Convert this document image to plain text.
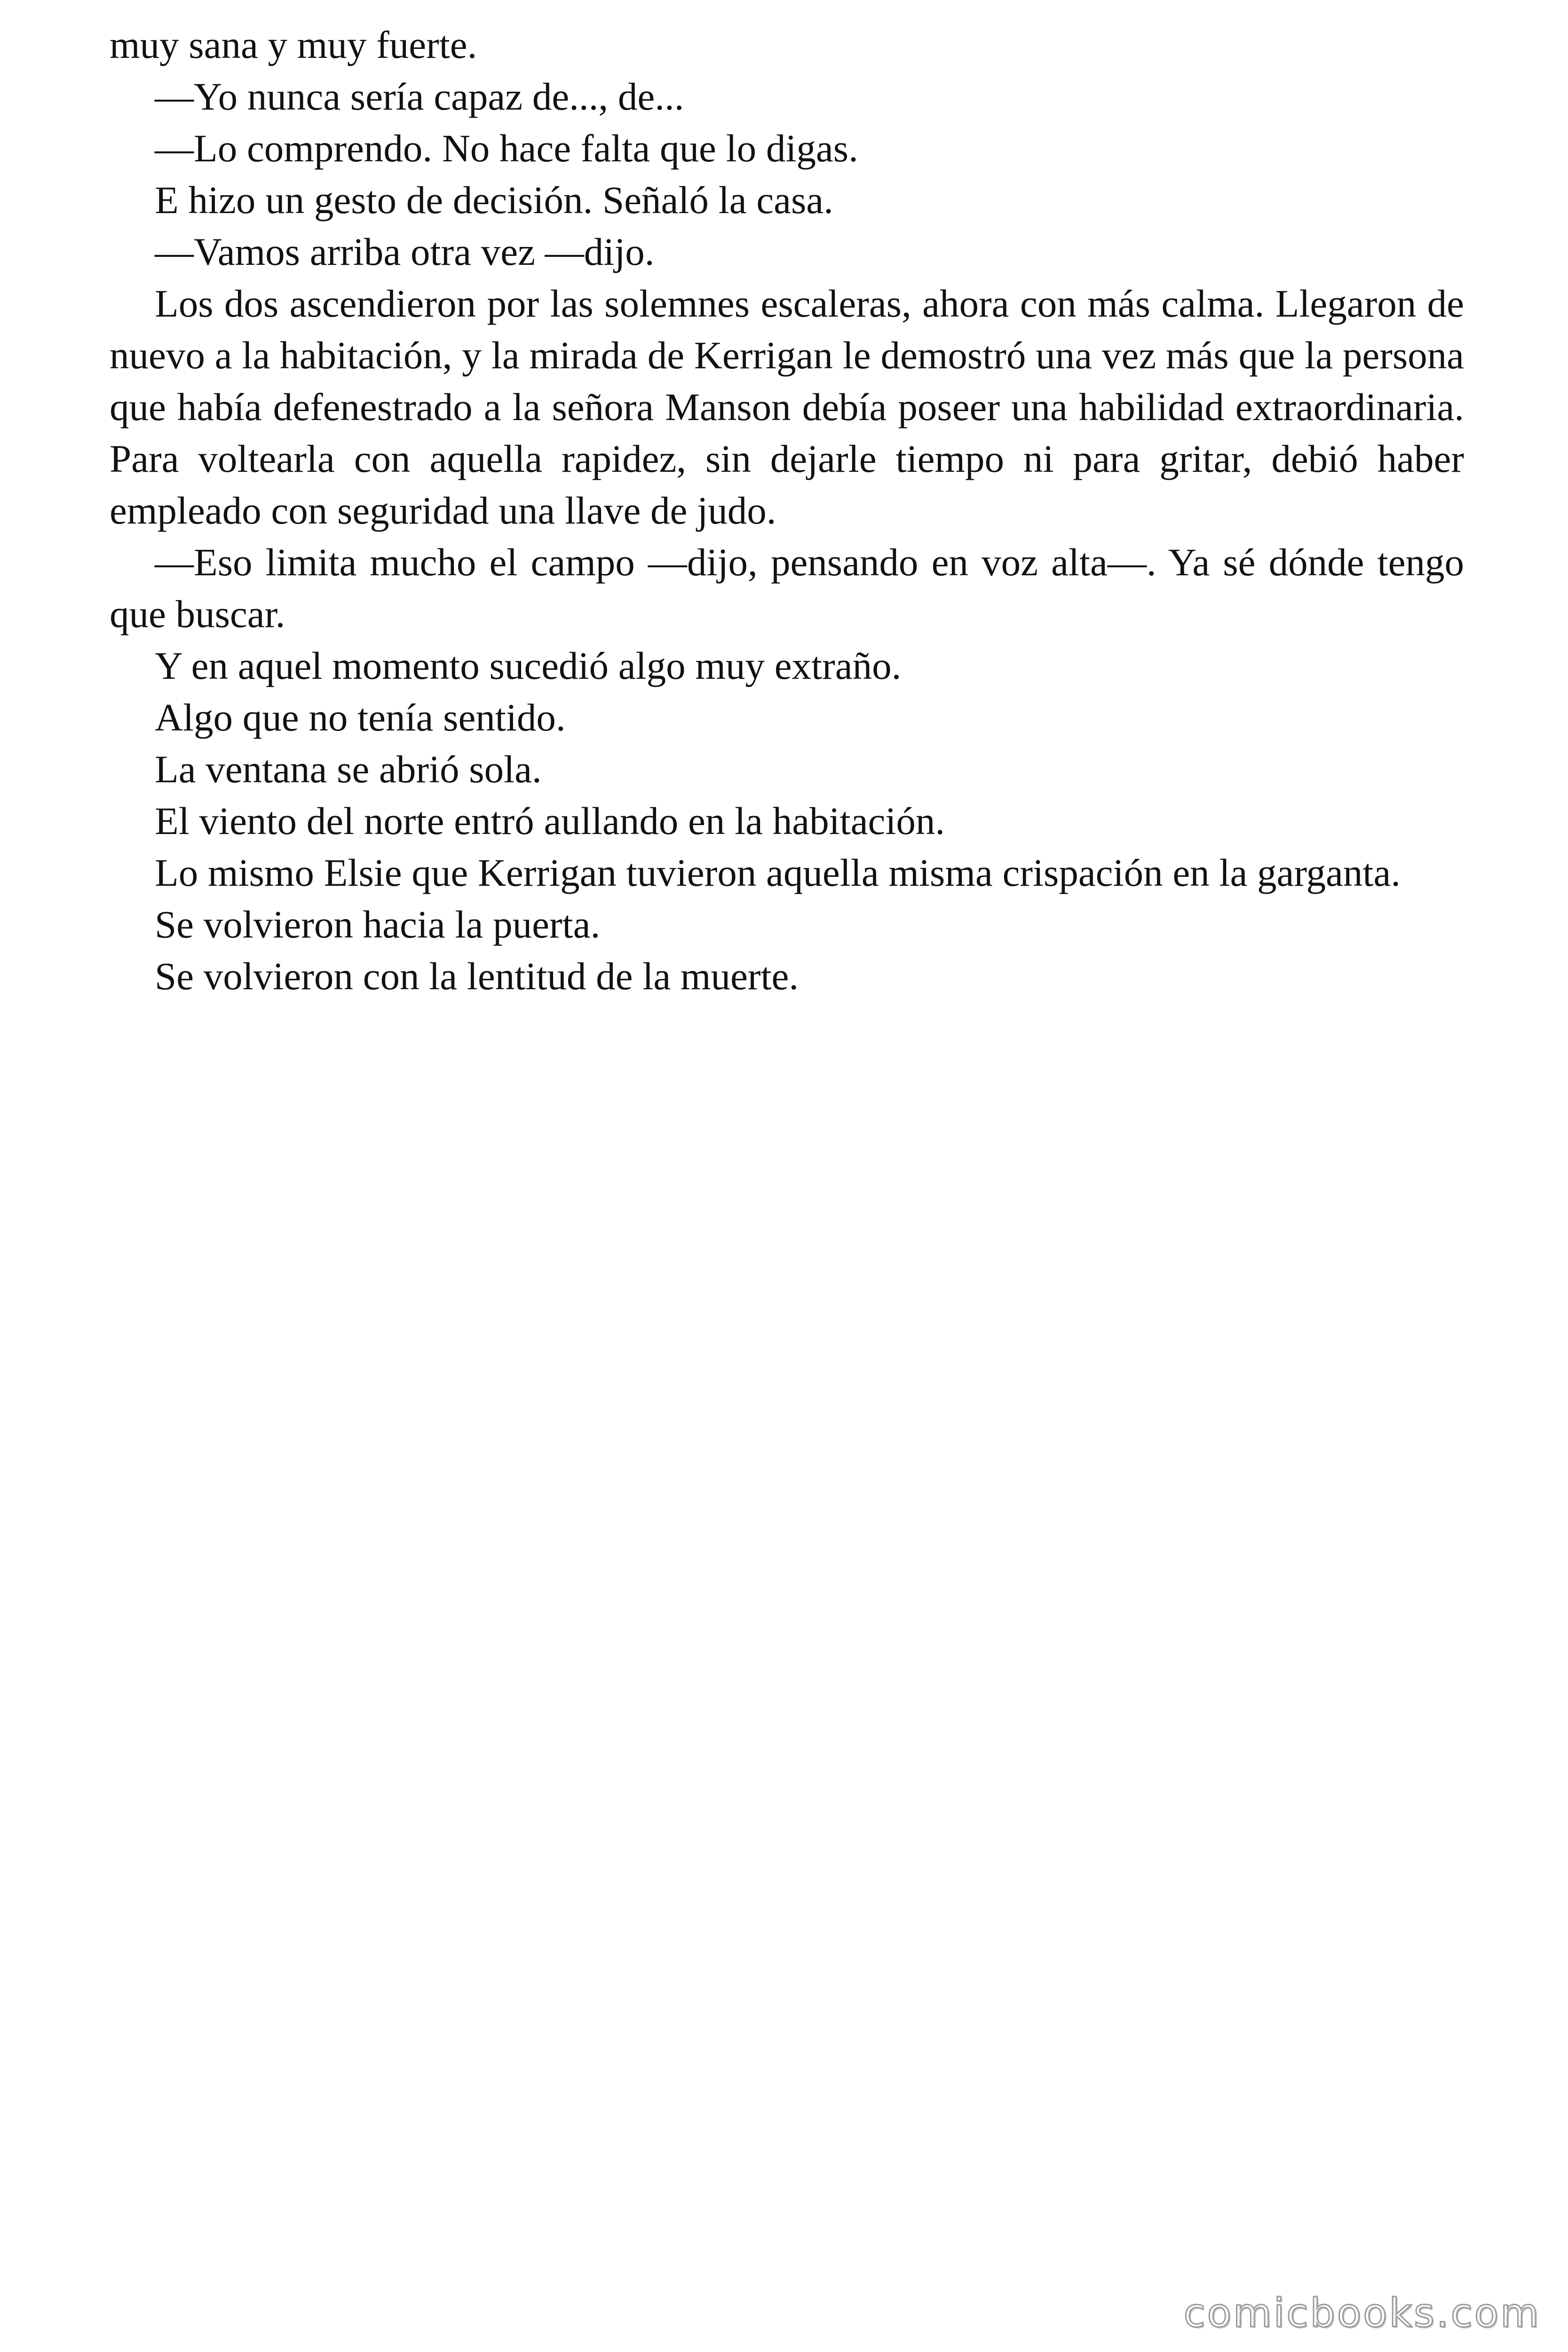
muy sana y muy fuerte.

—Yo nunca sería capaz de..., de...

—Lo comprendo. No hace falta que lo digas.

E hizo un gesto de decisión. Señaló la casa.

—Vamos arriba otra vez —dijo.

Los dos ascendieron por las solemnes escaleras, ahora con más calma. Llegaron de nuevo a la habitación, y la mirada de Kerrigan le demostró una vez más que la persona que había defenestrado a la señora Manson debía poseer una habilidad extraordinaria. Para voltearla con aquella rapidez, sin dejarle tiempo ni para gritar, debió haber empleado con seguridad una llave de judo.

—Eso limita mucho el campo —dijo, pensando en voz alta—. Ya sé dónde tengo que buscar.

Y en aquel momento sucedió algo muy extraño.

Algo que no tenía sentido.

La ventana se abrió sola.

El viento del norte entró aullando en la habitación.

Lo mismo Elsie que Kerrigan tuvieron aquella misma crispación en la garganta.

Se volvieron hacia la puerta.

Se volvieron con la lentitud de la muerte.

comicbooks.com
